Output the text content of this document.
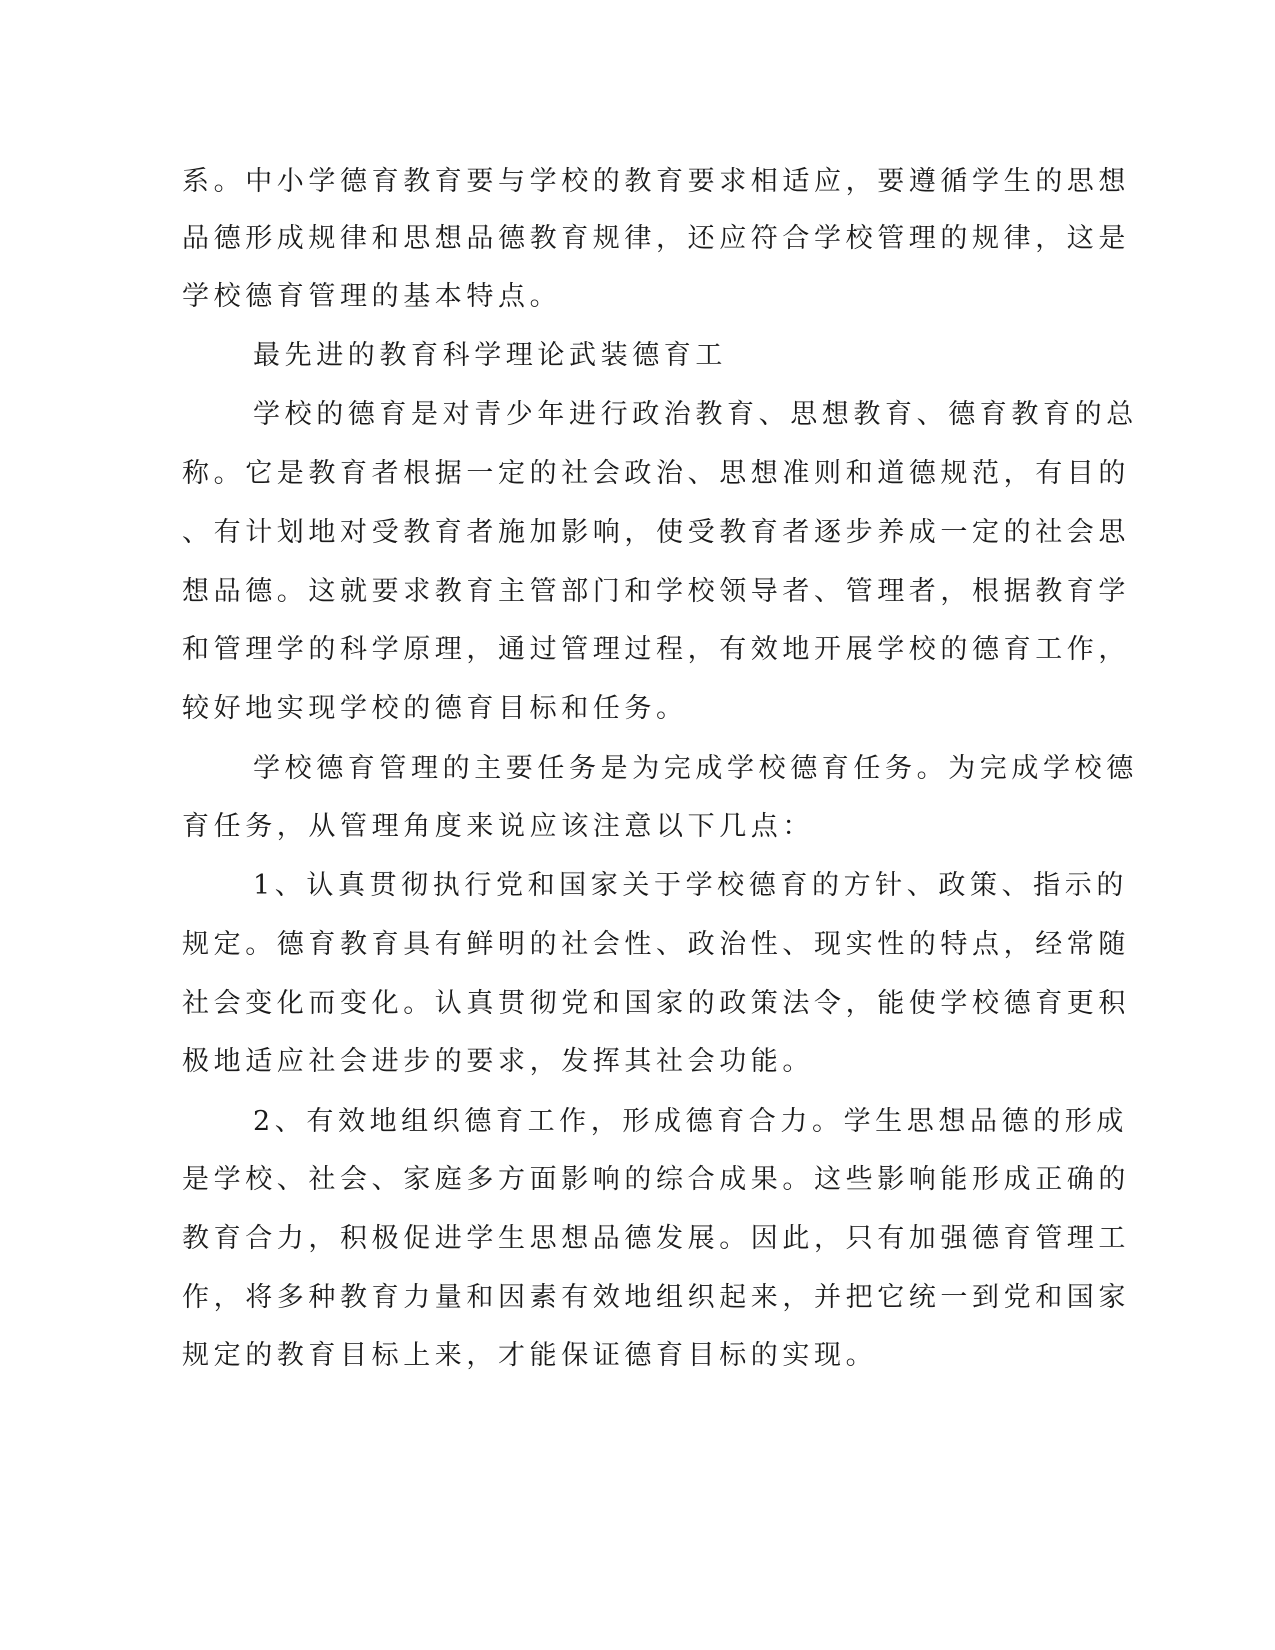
系。中小学德育教育要与学校的教育要求相适应，要遵循学生的思想
品德形成规律和思想品德教育规律，还应符合学校管理的规律，这是
学校德育管理的基本特点。
最先进的教育科学理论武装德育工
学校的德育是对青少年进行政治教育、思想教育、德育教育的总
称。它是教育者根据一定的社会政治、思想准则和道德规范，有目的
、有计划地对受教育者施加影响，使受教育者逐步养成一定的社会思
想品德。这就要求教育主管部门和学校领导者、管理者，根据教育学
和管理学的科学原理，通过管理过程，有效地开展学校的德育工作，
较好地实现学校的德育目标和任务。
学校德育管理的主要任务是为完成学校德育任务。为完成学校德
育任务，从管理角度来说应该注意以下几点：
1、认真贯彻执行党和国家关于学校德育的方针、政策、指示的
规定。德育教育具有鲜明的社会性、政治性、现实性的特点，经常随
社会变化而变化。认真贯彻党和国家的政策法令，能使学校德育更积
极地适应社会进步的要求，发挥其社会功能。
2、有效地组织德育工作，形成德育合力。学生思想品德的形成
是学校、社会、家庭多方面影响的综合成果。这些影响能形成正确的
教育合力，积极促进学生思想品德发展。因此，只有加强德育管理工
作，将多种教育力量和因素有效地组织起来，并把它统一到党和国家
规定的教育目标上来，才能保证德育目标的实现。
